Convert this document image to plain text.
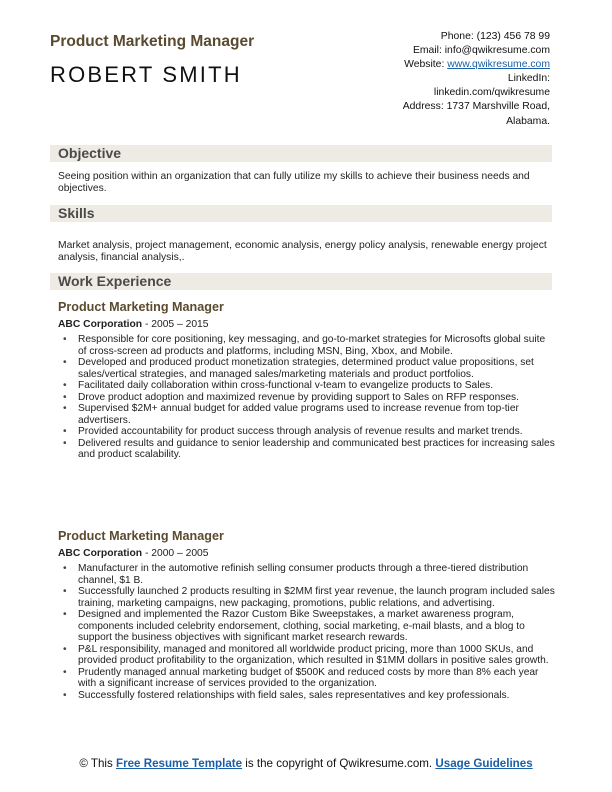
Product Marketing Manager
ROBERT SMITH
Phone: (123) 456 78 99
Email: info@qwikresume.com
Website: www.qwikresume.com
LinkedIn:
linkedin.com/qwikresume
Address: 1737 Marshville Road, Alabama.
Objective
Seeing position within an organization that can fully utilize my skills to achieve their business needs and objectives.
Skills
Market analysis, project management, economic analysis, energy policy analysis, renewable energy project analysis, financial analysis,.
Work Experience
Product Marketing Manager
ABC Corporation - 2005 – 2015
• Responsible for core positioning, key messaging, and go-to-market strategies for Microsofts global suite of cross-screen ad products and platforms, including MSN, Bing, Xbox, and Mobile.
• Developed and produced product monetization strategies, determined product value propositions, set sales/vertical strategies, and managed sales/marketing materials and product portfolios.
• Facilitated daily collaboration within cross-functional v-team to evangelize products to Sales.
• Drove product adoption and maximized revenue by providing support to Sales on RFP responses.
• Supervised $2M+ annual budget for added value programs used to increase revenue from top-tier advertisers.
• Provided accountability for product success through analysis of revenue results and market trends.
• Delivered results and guidance to senior leadership and communicated best practices for increasing sales and product scalability.
Product Marketing Manager
ABC Corporation - 2000 – 2005
• Manufacturer in the automotive refinish selling consumer products through a three-tiered distribution channel, $1 B.
• Successfully launched 2 products resulting in $2MM first year revenue, the launch program included sales training, marketing campaigns, new packaging, promotions, public relations, and advertising.
• Designed and implemented the Razor Custom Bike Sweepstakes, a market awareness program, components included celebrity endorsement, clothing, social marketing, e-mail blasts, and a blog to support the business objectives with significant market research rewards.
• P&L responsibility, managed and monitored all worldwide product pricing, more than 1000 SKUs, and provided product profitability to the organization, which resulted in $1MM dollars in positive sales growth.
• Prudently managed annual marketing budget of $500K and reduced costs by more than 8% each year with a significant increase of services provided to the organization.
• Successfully fostered relationships with field sales, sales representatives and key professionals.
© This Free Resume Template is the copyright of Qwikresume.com. Usage Guidelines
